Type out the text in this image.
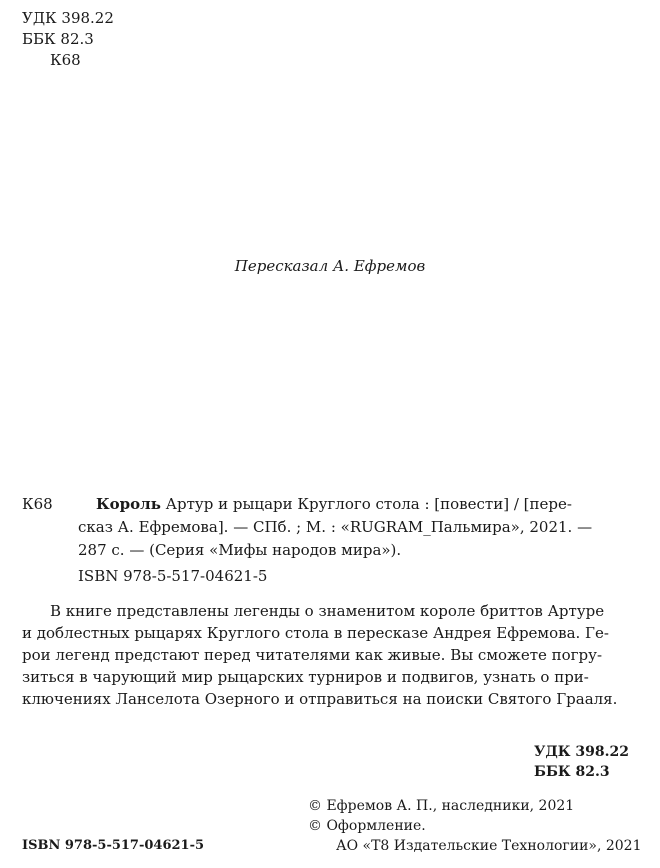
УДК 398.22
ББК 82.3
К68
Пересказал А. Ефремов
К68	Король Артур и рыцари Круглого стола : [повести] / [пере-
сказ А. Ефремова]. — СПб. ; М. : «RUGRAM_Пальмира», 2021. —
287 с. — (Серия «Мифы народов мира»).
ISBN 978-5-517-04621-5
В книге представлены легенды о знаменитом короле бриттов Артуре
и доблестных рыцарях Круглого стола в пересказе Андрея Ефремова. Ге-
рои легенд предстают перед читателями как живые. Вы сможете погру-
зиться в чарующий мир рыцарских турниров и подвигов, узнать о при-
ключениях Ланселота Озерного и отправиться на поиски Святого Грааля.
УДК 398.22
ББК 82.3
© Ефремов А. П., наследники, 2021
© Оформление.
АО «Т8 Издательские Технологии», 2021
ISBN 978-5-517-04621-5
